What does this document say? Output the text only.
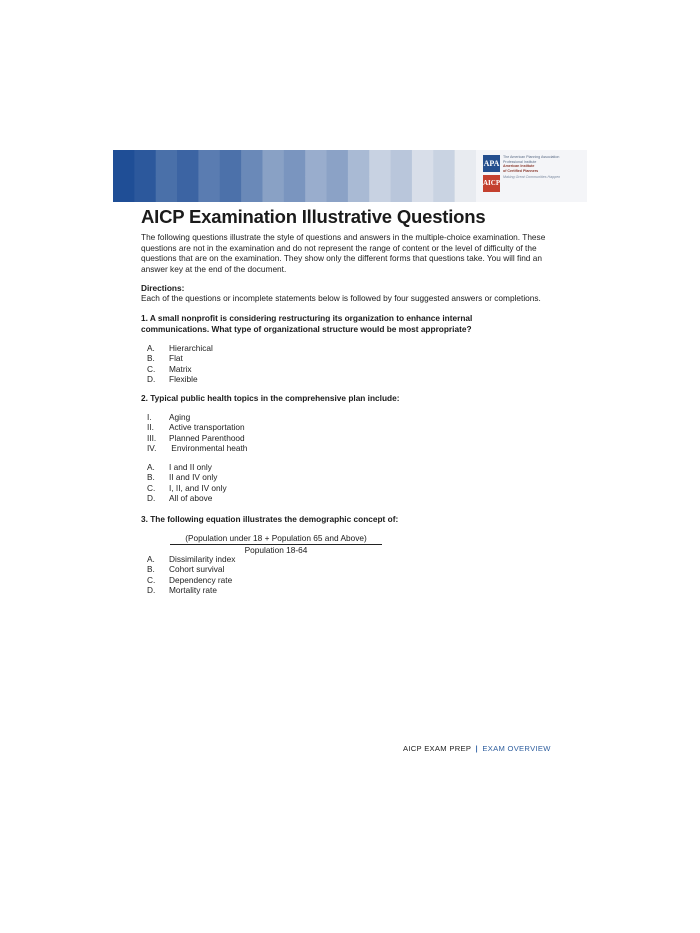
APA
AICP
The American Planning Association
Professional Institute
American Institute
of Certified Planners
Making Great Communities Happen
AICP Examination Illustrative Questions

The following questions illustrate the style of questions and answers in the multiple-choice examination. These questions are not in the examination and do not represent the range of content or the level of difficulty of the questions that are on the examination. They show only the different forms that questions take. You will find an answer key at the end of the document.

Directions:

Each of the questions or incomplete statements below is followed by four suggested answers or completions.

1. A small nonprofit is considering restructuring its organization to enhance internal communications. What type of organizational structure would be most appropriate?

A. Hierarchical
B. Flat
C. Matrix
D. Flexible

2. Typical public health topics in the comprehensive plan include:

I. Aging
II. Active transportation
III. Planned Parenthood
IV. Environmental heath
A. I and II only
B. II and IV only
C. I, II, and IV only
D. All of above

3. The following equation illustrates the demographic concept of:

(Population under 18 + Population 65 and Above)
Population 18-64
A. Dissimilarity index
B. Cohort survival
C. Dependency rate
D. Mortality rate
AICP EXAM PREP | EXAM OVERVIEW
